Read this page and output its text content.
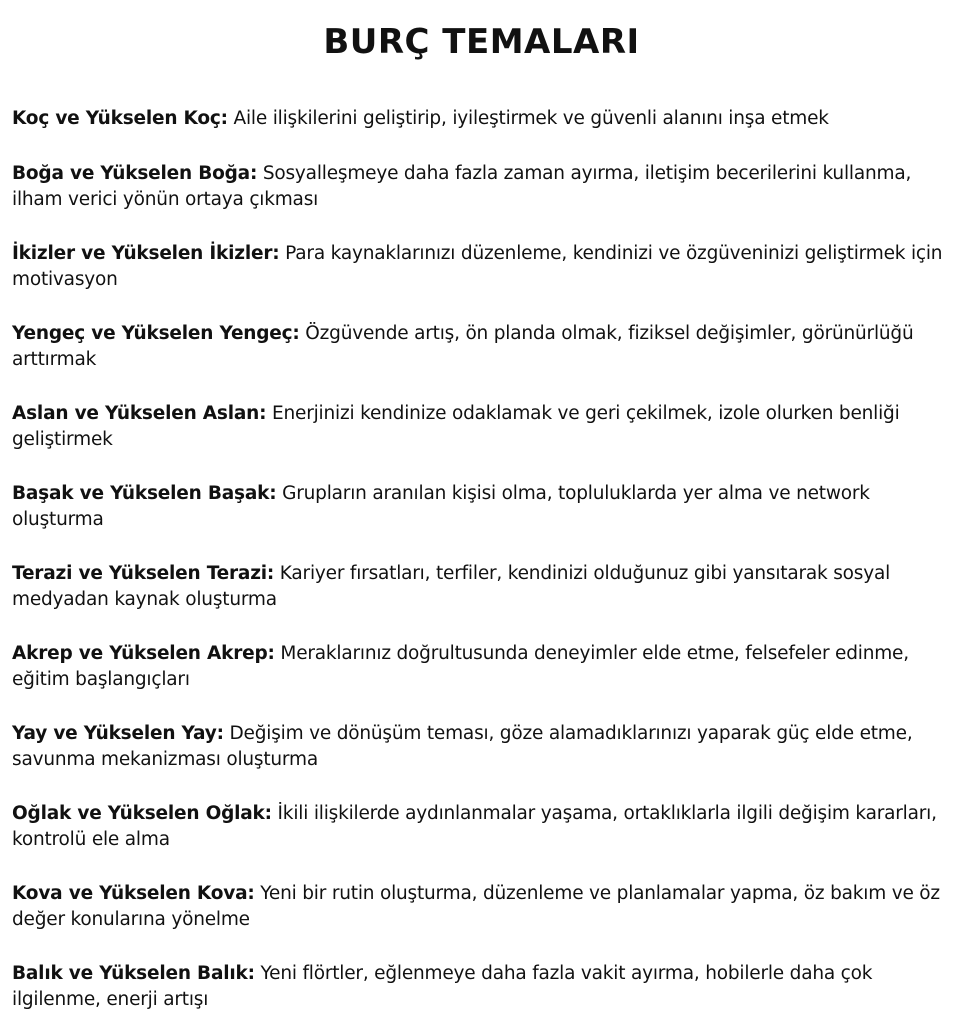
BURÇ TEMALARI

Koç ve Yükselen Koç: Aile ilişkilerini geliştirip, iyileştirmek ve güvenli alanını inşa etmek

Boğa ve Yükselen Boğa: Sosyalleşmeye daha fazla zaman ayırma, iletişim becerilerini kullanma, ilham verici yönün ortaya çıkması

İkizler ve Yükselen İkizler: Para kaynaklarınızı düzenleme, kendinizi ve özgüveninizi geliştirmek için motivasyon

Yengeç ve Yükselen Yengeç: Özgüvende artış, ön planda olmak, fiziksel değişimler, görünürlüğü arttırmak

Aslan ve Yükselen Aslan: Enerjinizi kendinize odaklamak ve geri çekilmek, izole olurken benliği geliştirmek

Başak ve Yükselen Başak: Grupların aranılan kişisi olma, topluluklarda yer alma ve network oluşturma

Terazi ve Yükselen Terazi: Kariyer fırsatları, terfiler, kendinizi olduğunuz gibi yansıtarak sosyal medyadan kaynak oluşturma

Akrep ve Yükselen Akrep: Meraklarınız doğrultusunda deneyimler elde etme, felsefeler edinme, eğitim başlangıçları

Yay ve Yükselen Yay: Değişim ve dönüşüm teması, göze alamadıklarınızı yaparak güç elde etme, savunma mekanizması oluşturma

Oğlak ve Yükselen Oğlak: İkili ilişkilerde aydınlanmalar yaşama, ortaklıklarla ilgili değişim kararları, kontrolü ele alma

Kova ve Yükselen Kova: Yeni bir rutin oluşturma, düzenleme ve planlamalar yapma, öz bakım ve öz değer konularına yönelme

Balık ve Yükselen Balık: Yeni flörtler, eğlenmeye daha fazla vakit ayırma, hobilerle daha çok ilgilenme, enerji artışı
